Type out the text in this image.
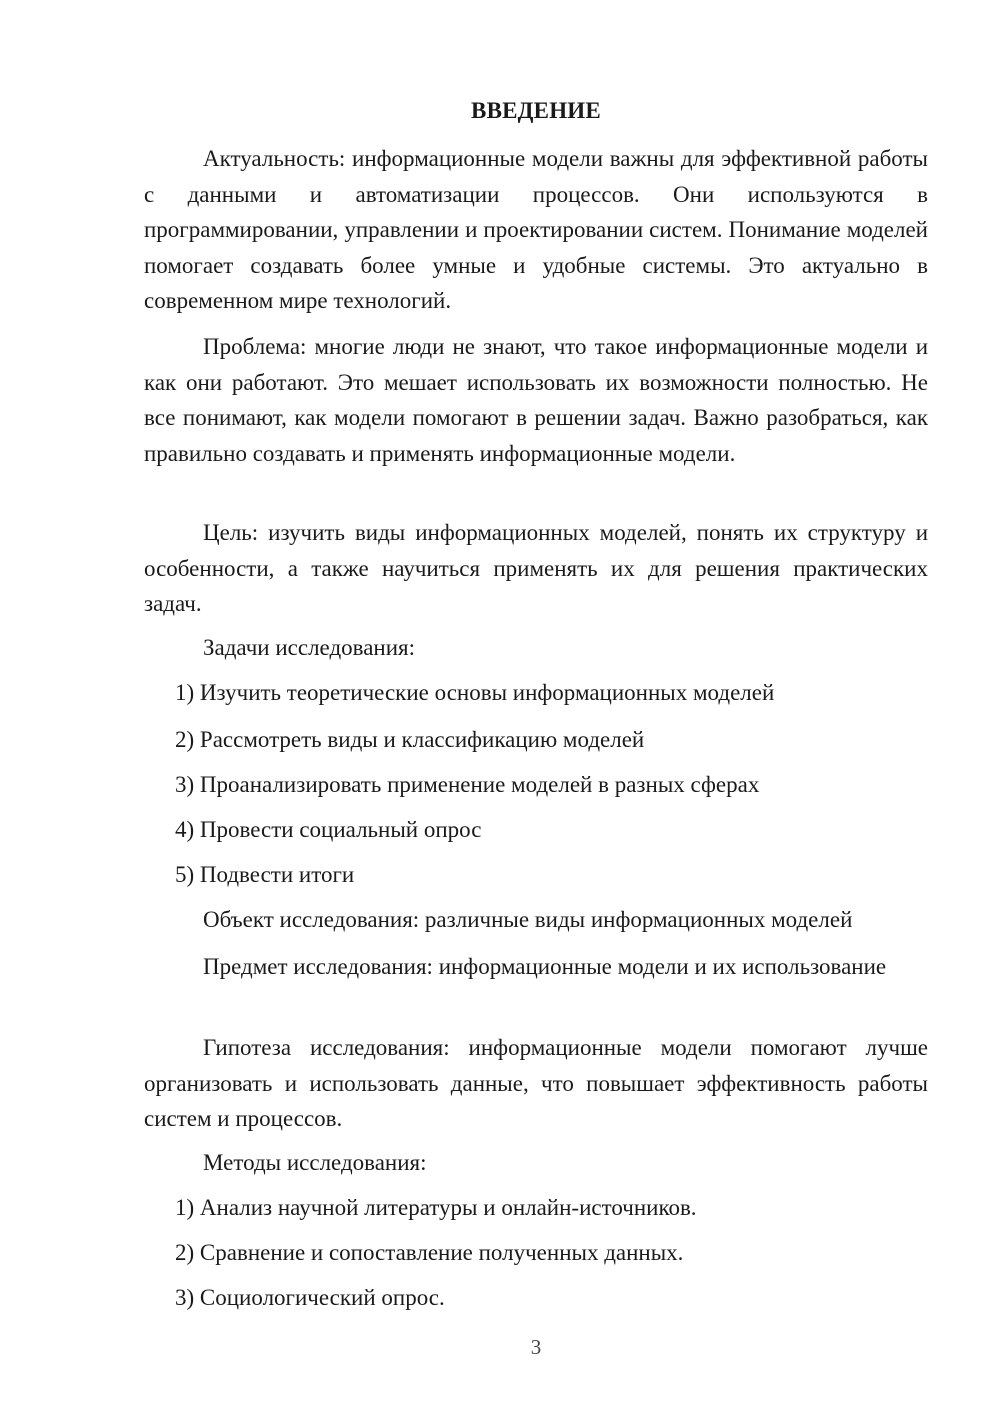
ВВЕДЕНИЕ

Актуальность: информационные модели важны для эффективной работы с данными и автоматизации процессов. Они используются в программировании, управлении и проектировании систем. Понимание моделей помогает создавать более умные и удобные системы. Это актуально в современном мире технологий.

Проблема: многие люди не знают, что такое информационные модели и как они работают. Это мешает использовать их возможности полностью. Не все понимают, как модели помогают в решении задач. Важно разобраться, как правильно создавать и применять информационные модели.

Цель: изучить виды информационных моделей, понять их структуру и особенности, а также научиться применять их для решения практических задач.

Задачи исследования:
1) Изучить теоретические основы информационных моделей
2) Рассмотреть виды и классификацию моделей
3) Проанализировать применение моделей в разных сферах
4) Провести социальный опрос
5) Подвести итоги
Объект исследования: различные виды информационных моделей

Предмет исследования: информационные модели и их использование

Гипотеза исследования: информационные модели помогают лучше организовать и использовать данные, что повышает эффективность работы систем и процессов.

Методы исследования:
1) Анализ научной литературы и онлайн-источников.
2) Сравнение и сопоставление полученных данных.
3) Социологический опрос.
3
